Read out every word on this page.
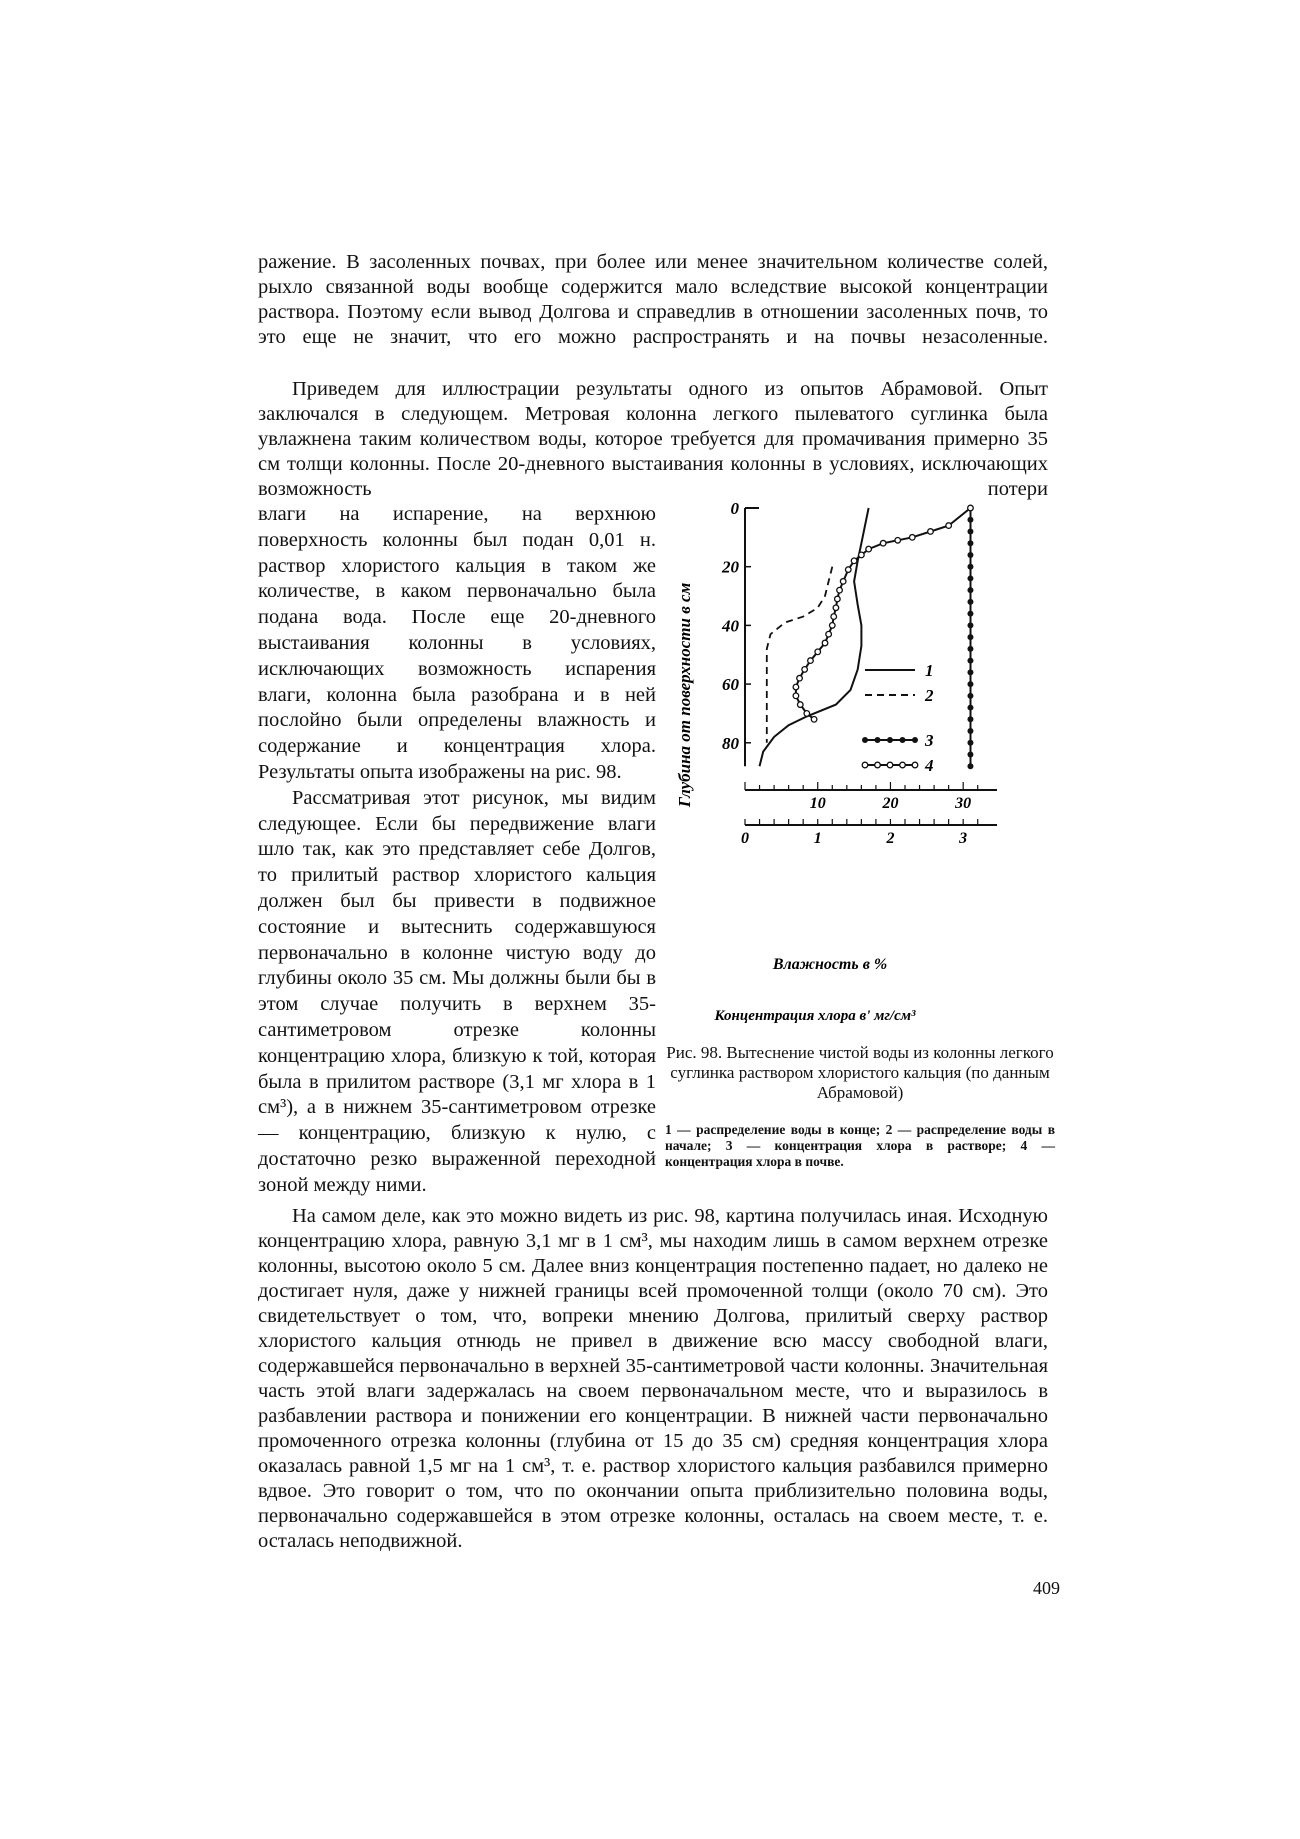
ражение. В засоленных почвах, при более или менее значительном количестве солей, рыхло связанной воды вообще содержится мало вследствие высокой концентрации раствора. Поэтому если вывод Долгова и справедлив в отношении засоленных почв, то это еще не значит, что его можно распространять и на почвы незасоленные.

Приведем для иллюстрации результаты одного из опытов Абрамовой. Опыт заключался в следующем. Метровая колонна легкого пылеватого суглинка была увлажнена таким количеством воды, которое требуется для промачивания примерно 35 см толщи колонны. После 20-дневного выстаивания колонны в условиях, исключающих возможность потери

влаги на испарение, на верхнюю поверхность колонны был подан 0,01 н. раствор хлористого кальция в таком же количестве, в каком первоначально была подана вода. После еще 20-дневного выстаивания колонны в условиях, исключающих возможность испарения влаги, колонна была разобрана и в ней послойно были определены влажность и содержание и концентрация хлора. Результаты опыта изображены на рис. 98.

Рассматривая этот рисунок, мы видим следующее. Если бы передвижение влаги шло так, как это представляет себе Долгов, то прилитый раствор хлористого кальция должен был бы привести в подвижное состояние и вытеснить содержавшуюся первоначально в колонне чистую воду до глубины около 35 см. Мы должны были бы в этом случае получить в верхнем 35-сантиметровом отрезке колонны концентрацию хлора, близкую к той, которая была в прилитом растворе (3,1 мг хлора в 1 см³), а в нижнем 35-сантиметровом отрезке — концентрацию, близкую к нулю, с достаточно резко выраженной переходной зоной между ними.

На самом деле, как это можно видеть из рис. 98, картина получилась иная. Исходную концентрацию хлора, равную 3,1 мг в 1 см³, мы находим лишь в самом верхнем отрезке колонны, высотою около 5 см. Далее вниз концентрация постепенно падает, но далеко не достигает нуля, даже у нижней границы всей промоченной толщи (около 70 см). Это свидетельствует о том, что, вопреки мнению Долгова, прилитый сверху раствор хлористого кальция отнюдь не привел в движение всю массу свободной влаги, содержавшейся первоначально в верхней 35-сантиметровой части колонны. Значительная часть этой влаги задержалась на своем первоначальном месте, что и выразилось в разбавлении раствора и понижении его концентрации. В нижней части первоначально промоченного отрезка колонны (глубина от 15 до 35 см) средняя концентрация хлора оказалась равной 1,5 мг на 1 см³, т. е. раствор хлористого кальция разбавился примерно вдвое. Это говорит о том, что по окончании опыта приблизительно половина воды, первоначально содержавшейся в этом отрезке колонны, осталась на своем месте, т. е. осталась неподвижной.

0
20
40
60
80
10	20	30
0	1	2	3
1
2
3
4
Глубина от поверхности в см
Влажность в %
Концентрация хлора в' мг/см³

Рис. 98. Вытеснение чистой воды из колонны легкого суглинка раствором хлористого кальция (по данным Абрамовой)

1 — распределение воды в конце; 2 — распределение воды в начале; 3 — концентрация хлора в растворе; 4 — концентрация хлора в почве.

409
